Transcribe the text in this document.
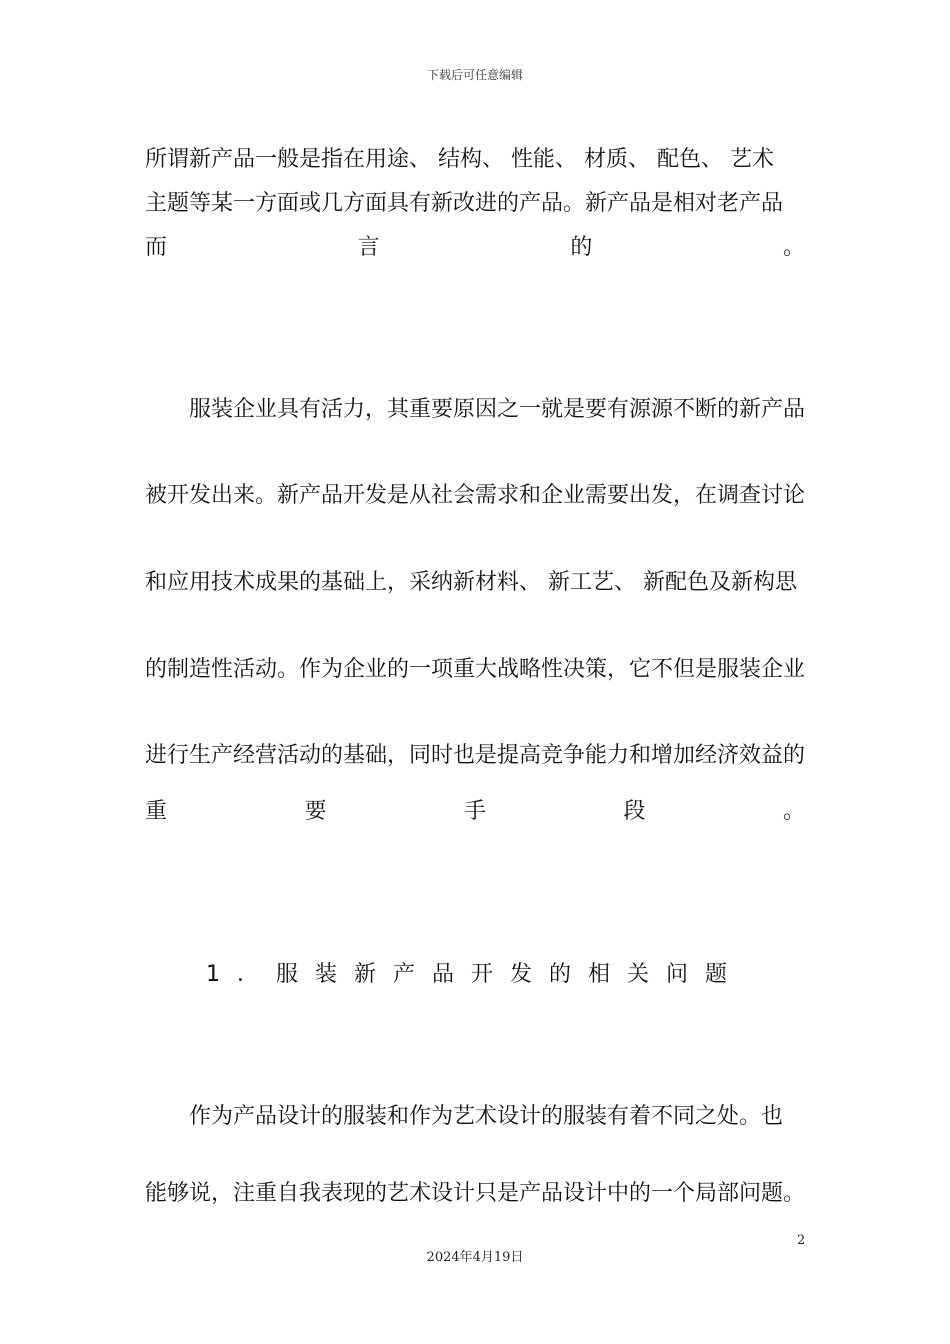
下载后可任意编辑
所谓新产品一般是指在用途、 结构、 性能、 材质、 配色、 艺术
主题等某一方面或几方面具有新改进的产品。新产品是相对老产品
而	言	的	。
服装企业具有活力，其重要原因之一就是要有源源不断的新产品
被开发出来。新产品开发是从社会需求和企业需要出发，在调查讨论
和应用技术成果的基础上，采纳新材料、 新工艺、 新配色及新构思
的制造性活动。作为企业的一项重大战略性决策，它不但是服装企业
进行生产经营活动的基础，同时也是提高竞争能力和增加经济效益的
重	要	手	段	。
1．服装新产品开发的相关问题
作为产品设计的服装和作为艺术设计的服装有着不同之处。也
能够说，注重自我表现的艺术设计只是产品设计中的一个局部问题。
2
2024年4月19日
